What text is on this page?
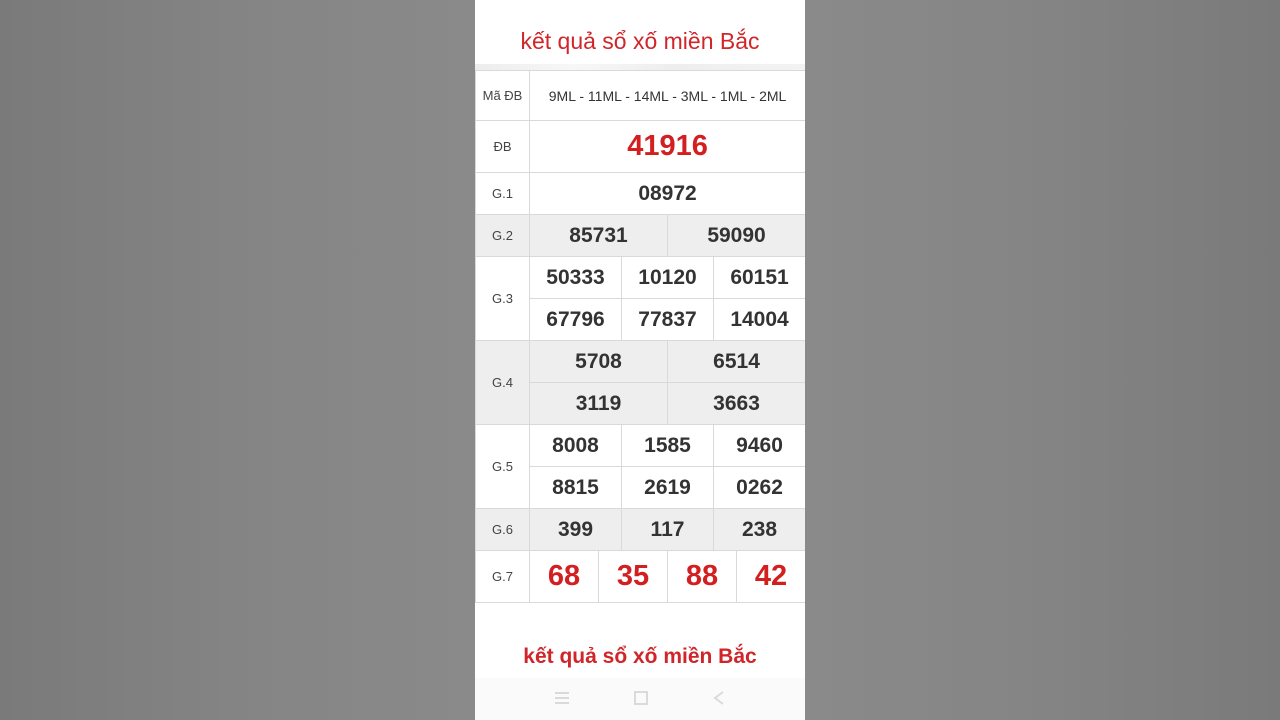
kết quả sổ xố miền Bắc
Mã ĐB	9ML - 11ML - 14ML - 3ML - 1ML - 2ML					
ĐB	41916					
G.1	08972					
G.2	85731			59090		
G.3	50333		10120		60151	
	67796		77837		14004	
G.4	5708			6514		
	3119			3663		
G.5	8008		1585		9460	
	8815		2619		0262	
G.6	399		117		238	
G.7	68	35		88		42
kết quả sổ xố miền Bắc
